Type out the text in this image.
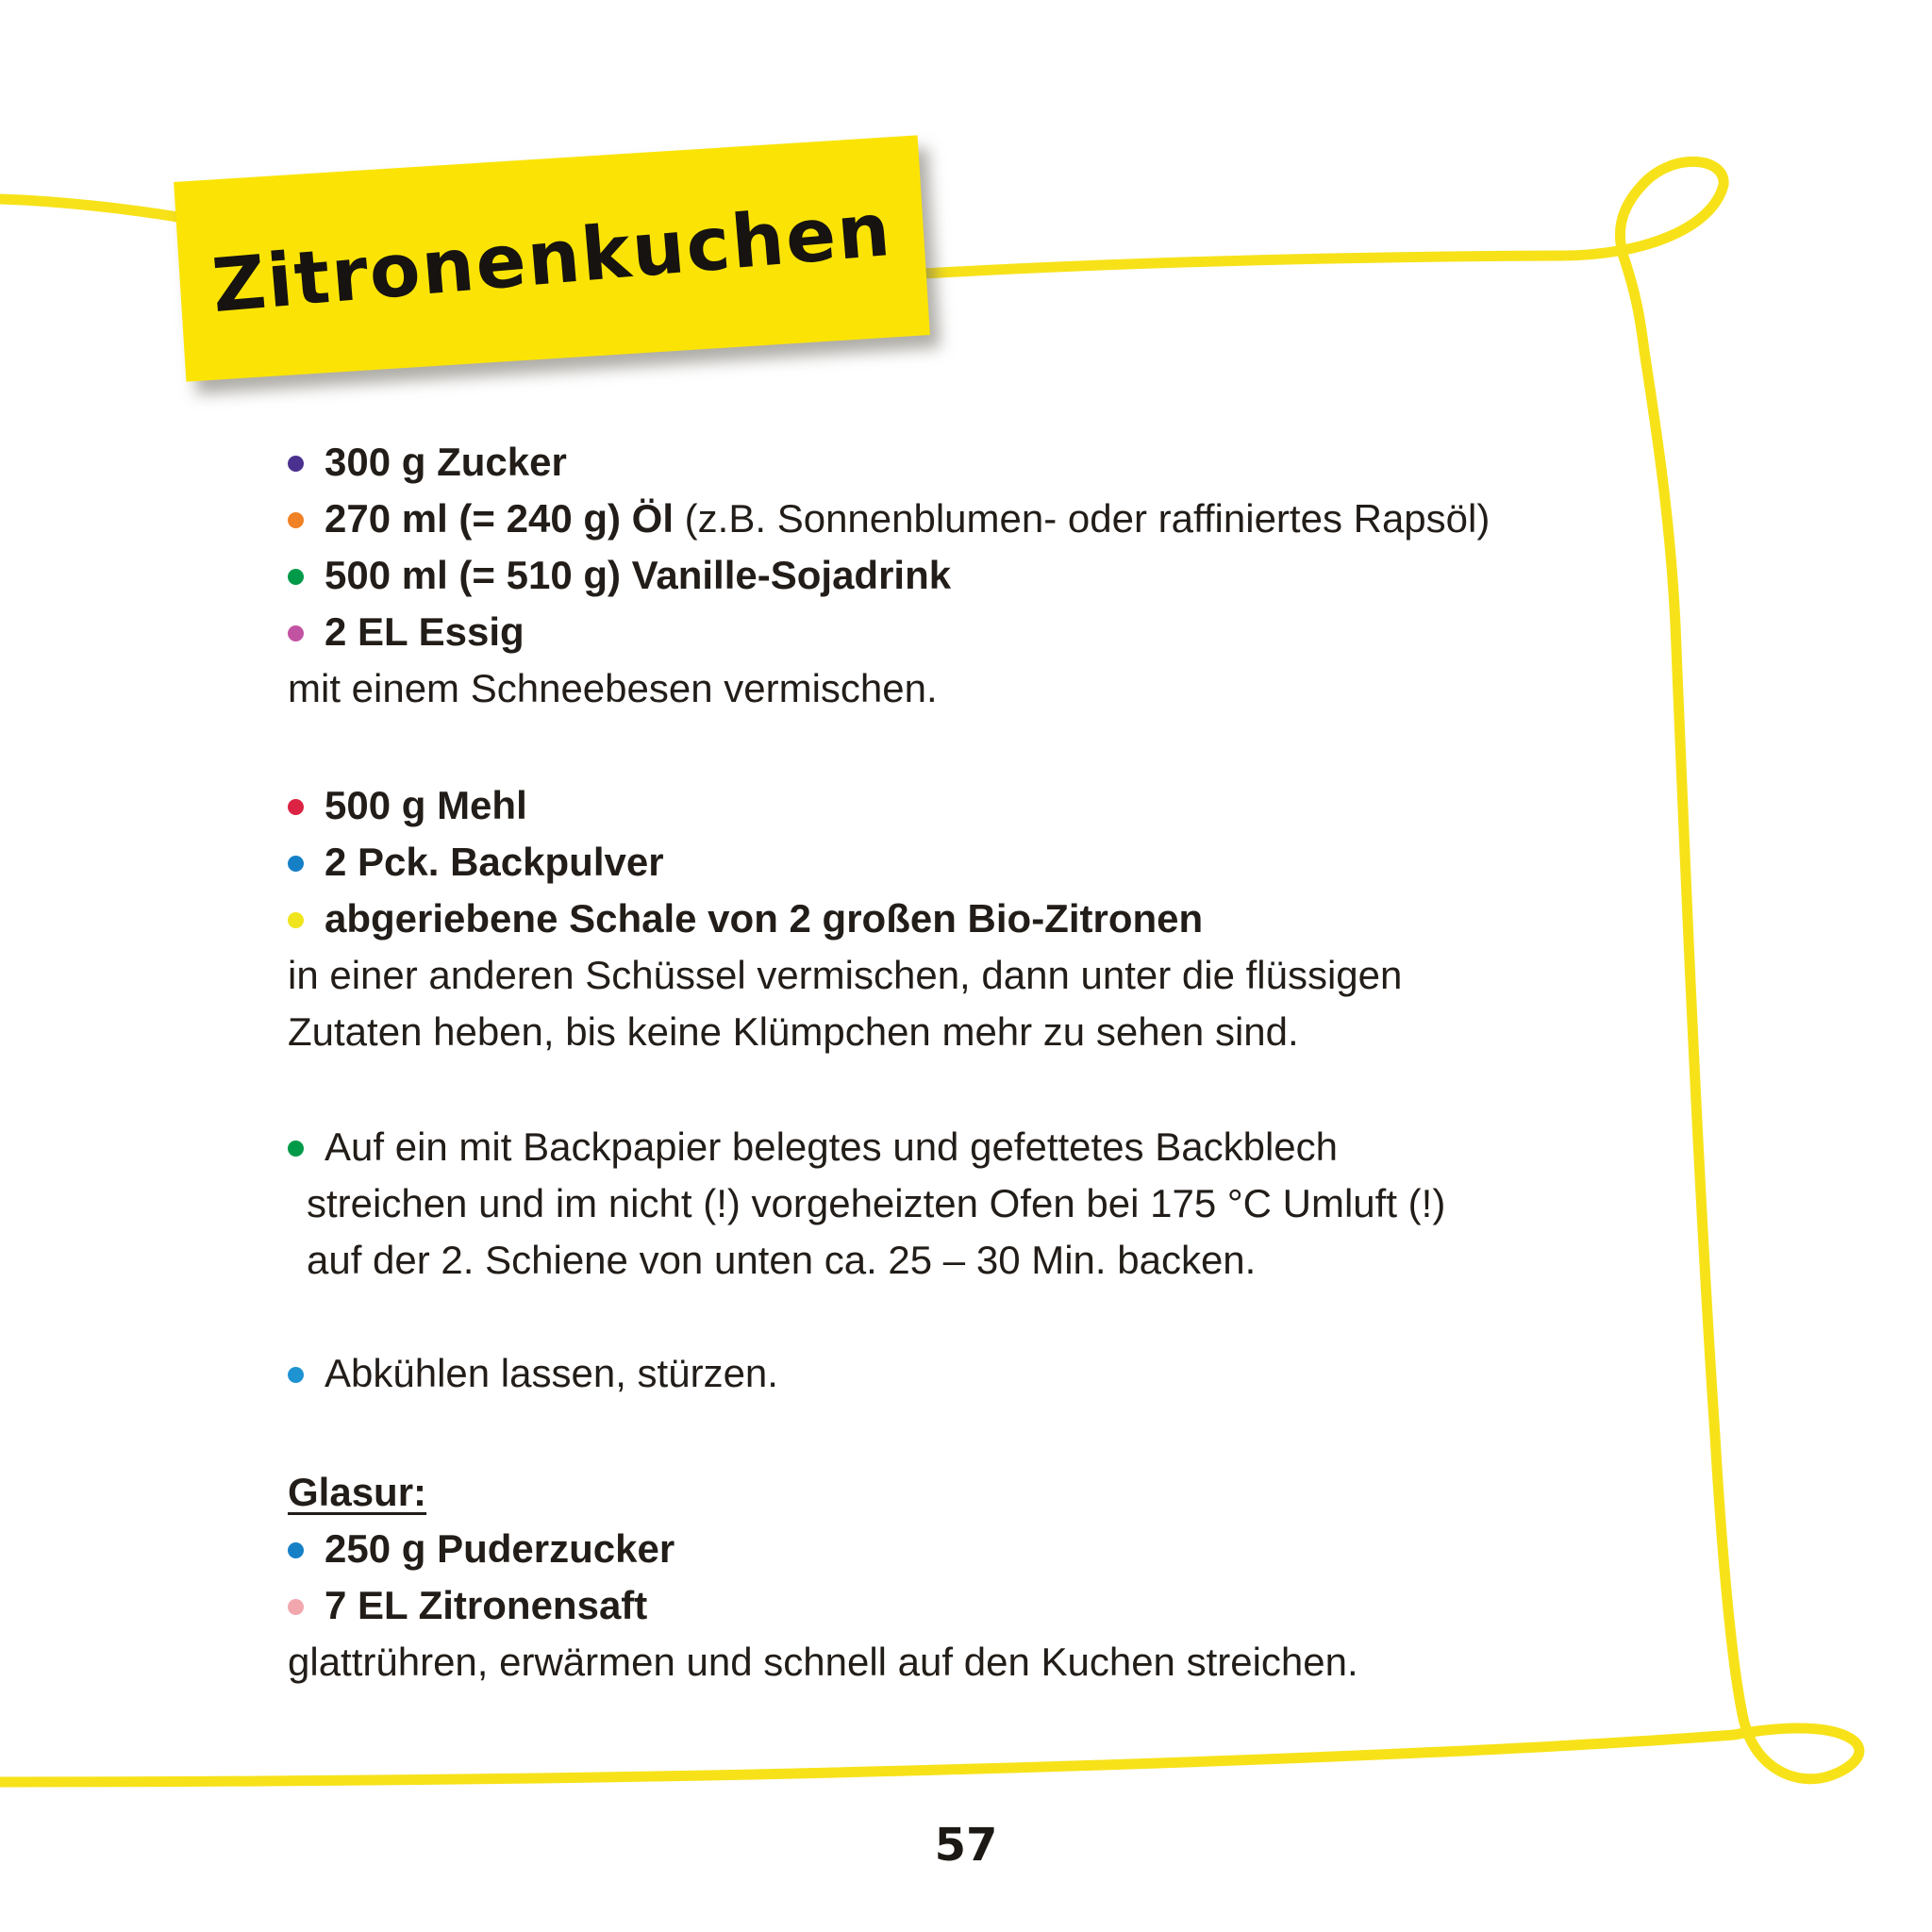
Zitronenkuchen
300 g Zucker
270 ml (= 240 g) Öl (z.B. Sonnenblumen- oder raffiniertes Rapsöl)
500 ml (= 510 g) Vanille-Sojadrink
2 EL Essig
mit einem Schneebesen vermischen.
500 g Mehl
2 Pck. Backpulver
abgeriebene Schale von 2 großen Bio-Zitronen
in einer anderen Schüssel vermischen, dann unter die flüssigen Zutaten heben, bis keine Klümpchen mehr zu sehen sind.
Auf ein mit Backpapier belegtes und gefettetes Backblech streichen und im nicht (!) vorgeheizten Ofen bei 175 °C Umluft (!) auf der 2. Schiene von unten ca. 25 – 30 Min. backen.
Abkühlen lassen, stürzen.
Glasur:
250 g Puderzucker
7 EL Zitronensaft
glattrühren, erwärmen und schnell auf den Kuchen streichen.
57
